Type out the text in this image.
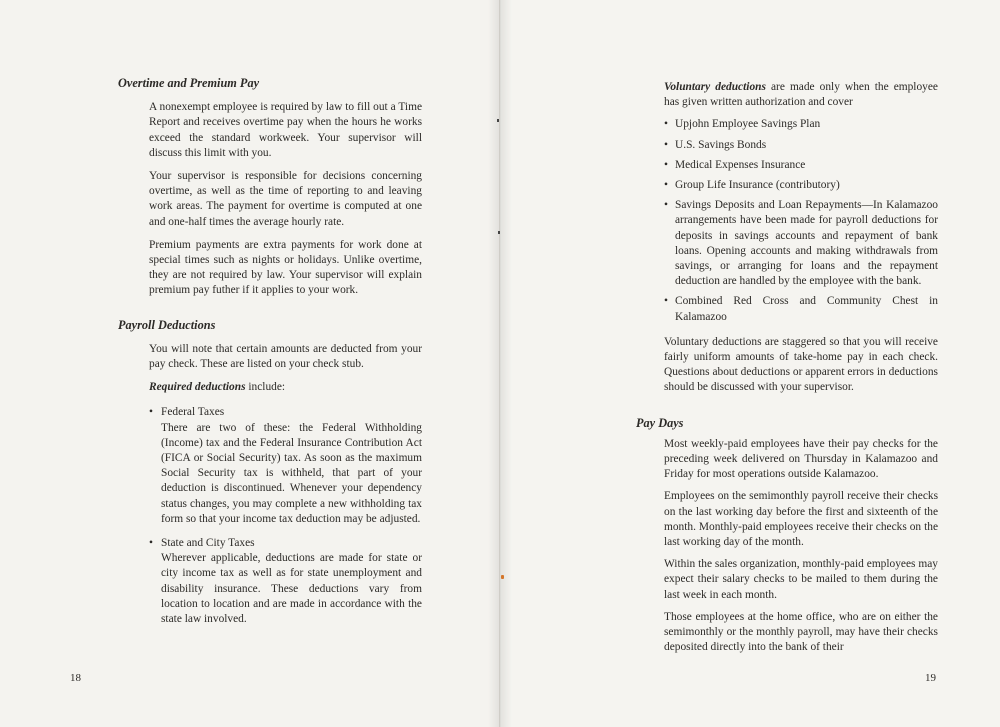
Overtime and Premium Pay

A nonexempt employee is required by law to fill out a Time Report and receives overtime pay when the hours he works exceed the standard workweek. Your supervisor will discuss this limit with you.

Your supervisor is responsible for decisions concerning overtime, as well as the time of reporting to and leaving work areas. The payment for overtime is computed at one and one-half times the average hourly rate.

Premium payments are extra payments for work done at special times such as nights or holidays. Unlike overtime, they are not required by law. Your supervisor will explain premium pay futher if it applies to your work.

Payroll Deductions

You will note that certain amounts are deducted from your pay check. These are listed on your check stub.

Required deductions include:

• Federal Taxes

There are two of these: the Federal Withholding (Income) tax and the Federal Insurance Contribution Act (FICA or Social Security) tax. As soon as the maximum Social Security tax is withheld, that part of your deduction is discontinued. Whenever your dependency status changes, you may complete a new withholding tax form so that your income tax deduction may be adjusted.

• State and City Taxes

Wherever applicable, deductions are made for state or city income tax as well as for state unemployment and disability insurance. These deductions vary from location to location and are made in accordance with the state law involved.

18

Voluntary deductions are made only when the employee has given written authorization and cover

• Upjohn Employee Savings Plan
• U.S. Savings Bonds
• Medical Expenses Insurance
• Group Life Insurance (contributory)
• Savings Deposits and Loan Repayments—In Kalamazoo arrangements have been made for payroll deductions for deposits in savings accounts and repayment of bank loans. Opening accounts and making withdrawals from savings, or arranging for loans and the repayment deduction are handled by the employee with the bank.

• Combined Red Cross and Community Chest in Kalamazoo

Voluntary deductions are staggered so that you will receive fairly uniform amounts of take-home pay in each check. Questions about deductions or apparent errors in deductions should be discussed with your supervisor.

Pay Days

Most weekly-paid employees have their pay checks for the preceding week delivered on Thursday in Kalamazoo and Friday for most operations outside Kalamazoo.

Employees on the semimonthly payroll receive their checks on the last working day before the first and sixteenth of the month. Monthly-paid employees receive their checks on the last working day of the month.

Within the sales organization, monthly-paid employees may expect their salary checks to be mailed to them during the last week in each month.

Those employees at the home office, who are on either the semimonthly or the monthly payroll, may have their checks deposited directly into the bank of their

19
